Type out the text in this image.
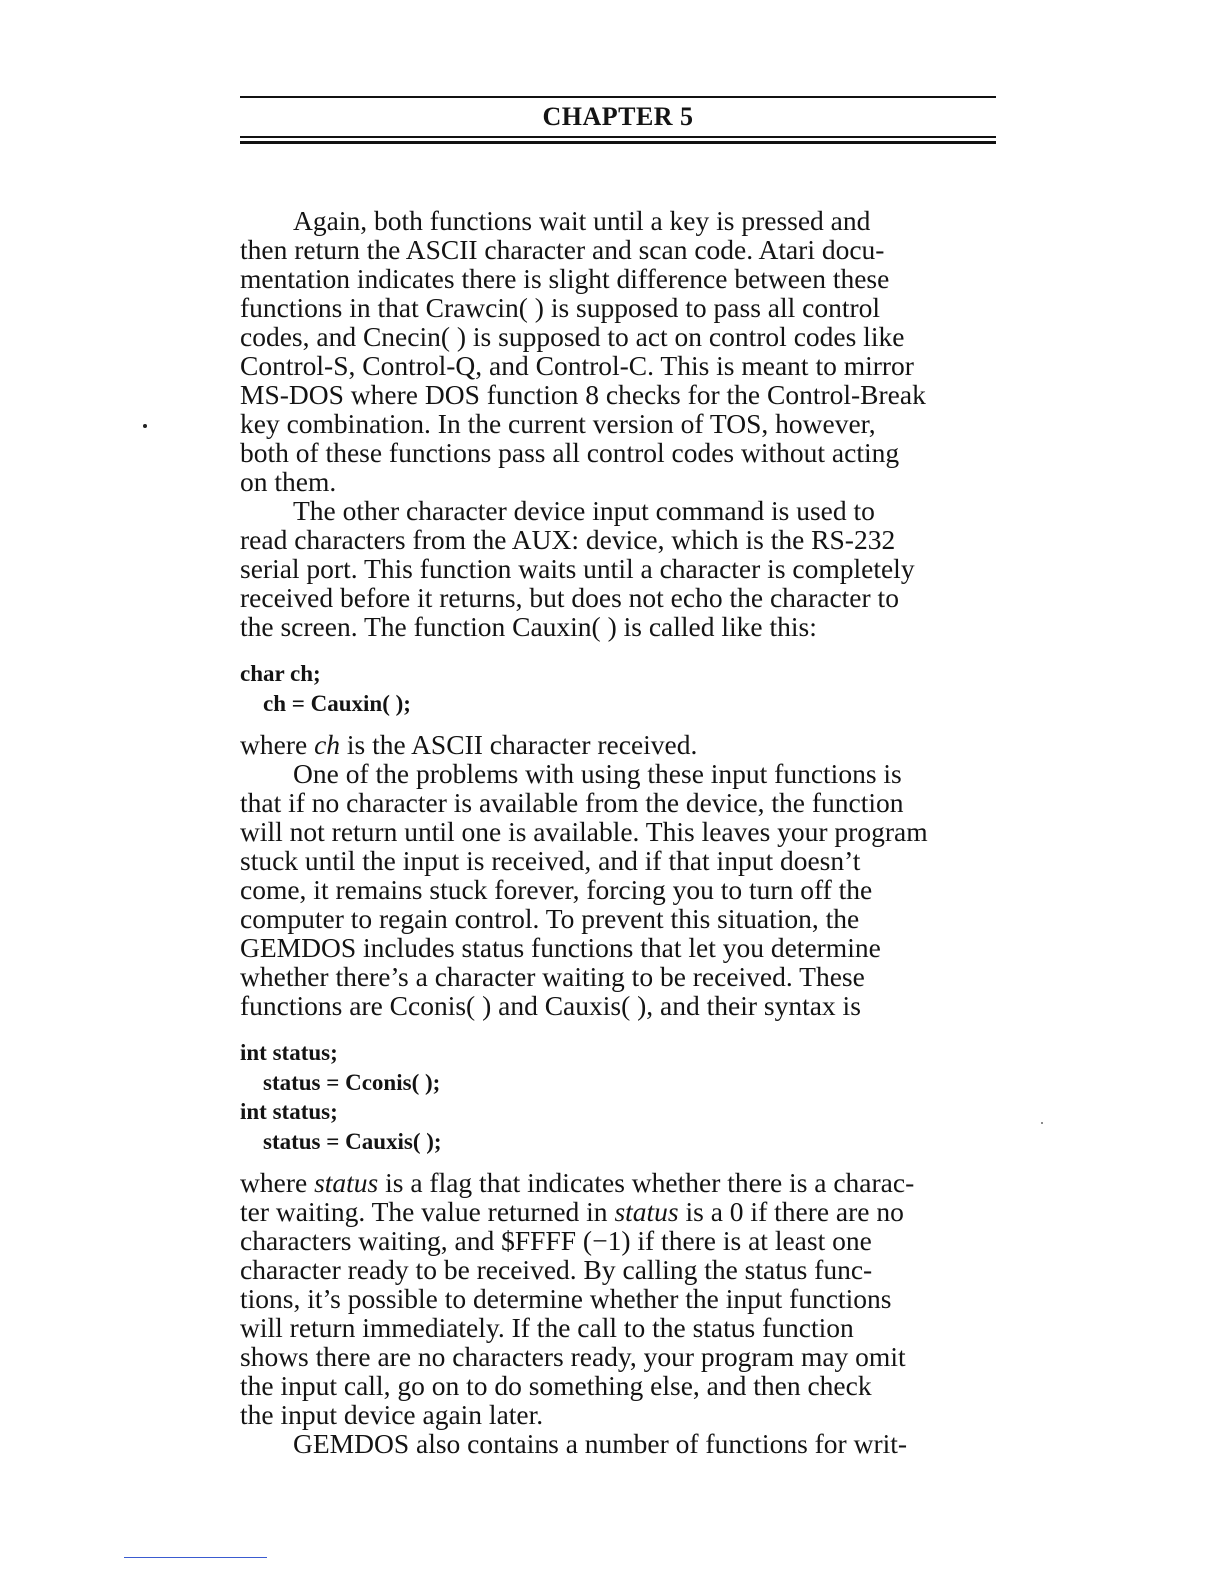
CHAPTER 5
Again, both functions wait until a key is pressed and
then return the ASCII character and scan code. Atari docu-
mentation indicates there is slight difference between these
functions in that Crawcin( ) is supposed to pass all control
codes, and Cnecin( ) is supposed to act on control codes like
Control-S, Control-Q, and Control-C. This is meant to mirror
MS-DOS where DOS function 8 checks for the Control-Break
key combination. In the current version of TOS, however,
both of these functions pass all control codes without acting
on them.
The other character device input command is used to
read characters from the AUX: device, which is the RS-232
serial port. This function waits until a character is completely
received before it returns, but does not echo the character to
the screen. The function Cauxin( ) is called like this:
char ch;
ch = Cauxin( );
where ch is the ASCII character received.
One of the problems with using these input functions is
that if no character is available from the device, the function
will not return until one is available. This leaves your program
stuck until the input is received, and if that input doesn’t
come, it remains stuck forever, forcing you to turn off the
computer to regain control. To prevent this situation, the
GEMDOS includes status functions that let you determine
whether there’s a character waiting to be received. These
functions are Cconis( ) and Cauxis( ), and their syntax is
int status;
status = Cconis( );
int status;
status = Cauxis( );
where status is a flag that indicates whether there is a charac-
ter waiting. The value returned in status is a 0 if there are no
characters waiting, and $FFFF (−1) if there is at least one
character ready to be received. By calling the status func-
tions, it’s possible to determine whether the input functions
will return immediately. If the call to the status function
shows there are no characters ready, your program may omit
the input call, go on to do something else, and then check
the input device again later.
GEMDOS also contains a number of functions for writ-
